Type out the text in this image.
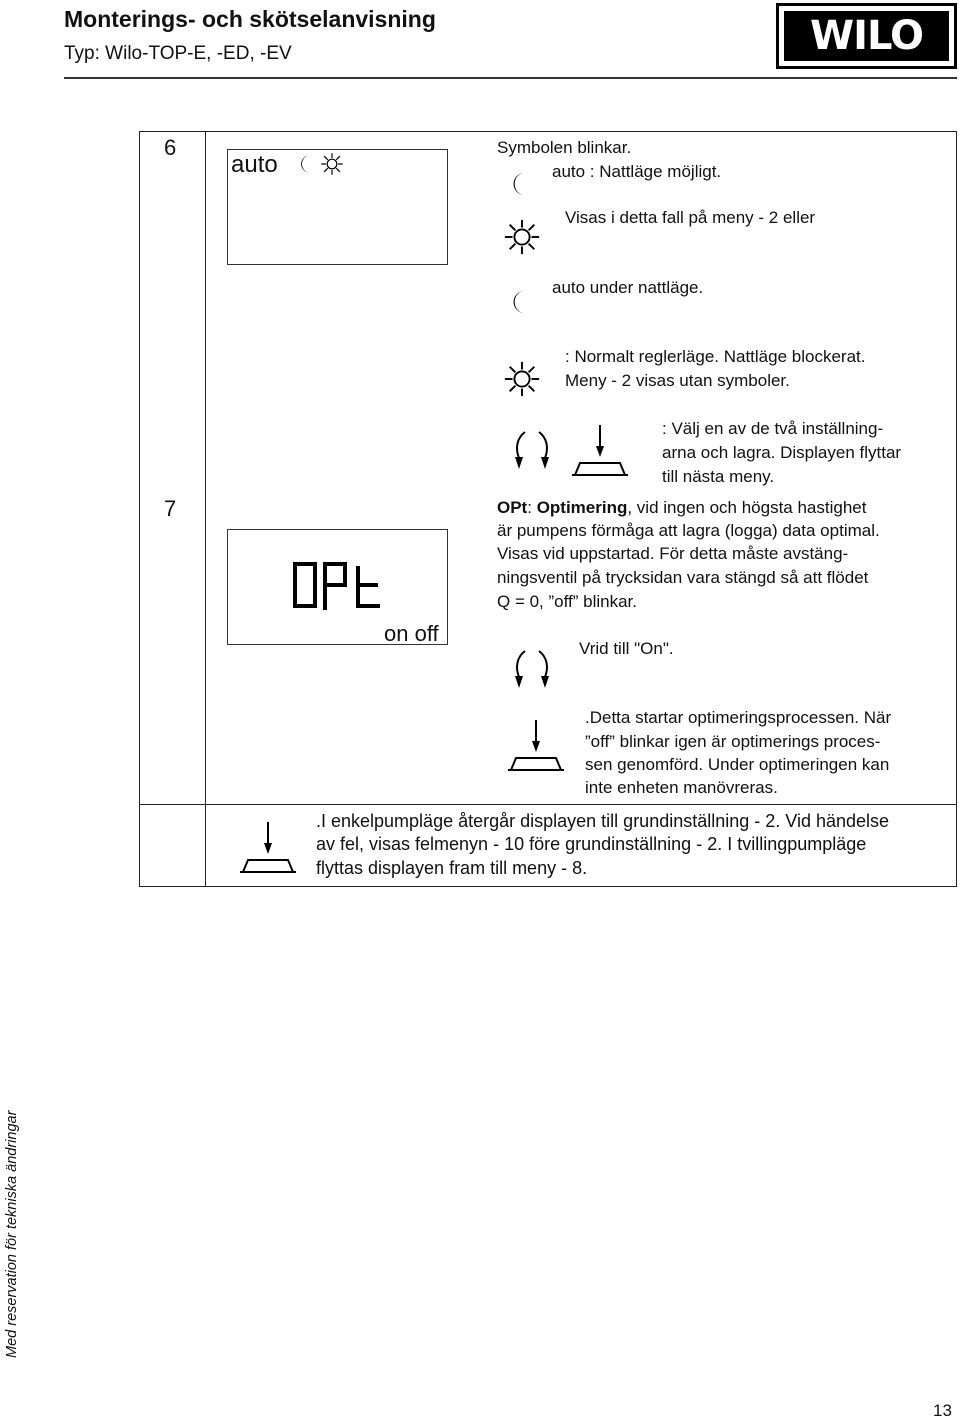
Monterings- och skötselanvisning
Typ: Wilo-TOP-E, -ED, -EV	WILO
6
auto
Symbolen blinkar.
auto : Nattläge möjligt.
Visas i detta fall på meny - 2 eller
auto under nattläge.
: Normalt reglerläge. Nattläge blockerat.
Meny - 2 visas utan symboler.
: Välj en av de två inställning-
arna och lagra. Displayen flyttar
till nästa meny.
7
on off
OPt: Optimering, vid ingen och högsta hastighet
är pumpens förmåga att lagra (logga) data optimal.
Visas vid uppstartad. För detta måste avstäng-
ningsventil på trycksidan vara stängd så att flödet
Q = 0, ”off” blinkar.
Vrid till "On".
.Detta startar optimeringsprocessen. När
”off” blinkar igen är optimerings proces-
sen genomförd. Under optimeringen kan
inte enheten manövreras.
.I enkelpumpläge återgår displayen till grundinställning - 2. Vid händelse
av fel, visas felmenyn - 10 före grundinställning - 2. I tvillingpumpläge
flyttas displayen fram till meny - 8.
Med reservation för tekniska ändringar
13
